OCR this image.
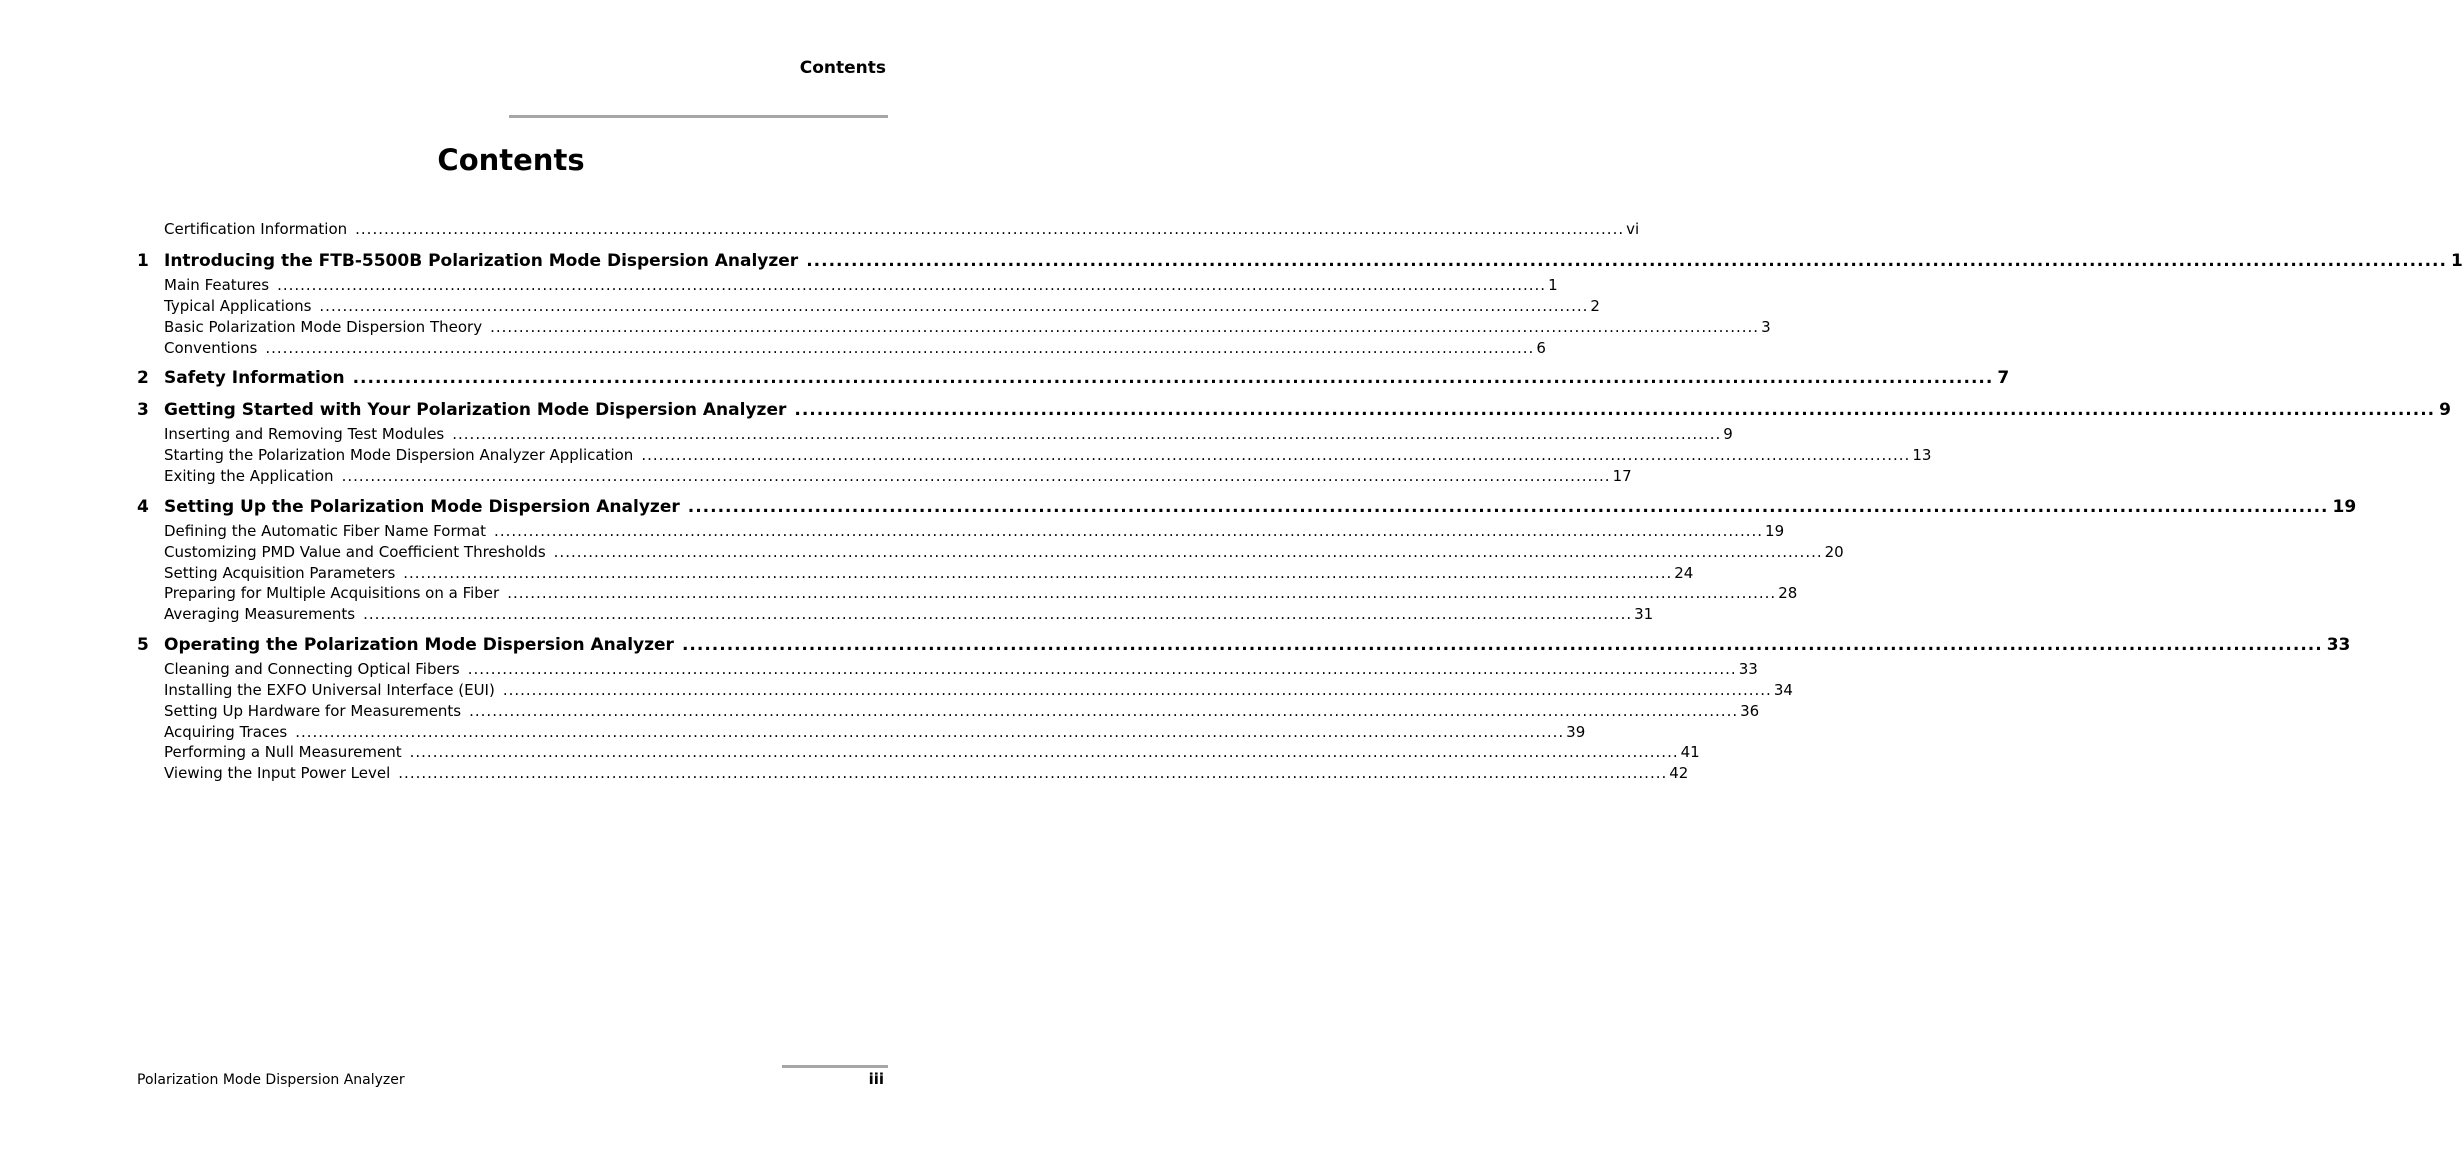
Contents
Contents
Certification Information ............................................................................................................................................................................................................................ vi
1 Introducing the FTB-5500B Polarization Mode Dispersion Analyzer ............................................................................................................................................................................................................................ 1
Main Features ............................................................................................................................................................................................................................ 1
Typical Applications ............................................................................................................................................................................................................................ 2
Basic Polarization Mode Dispersion Theory ............................................................................................................................................................................................................................ 3
Conventions ............................................................................................................................................................................................................................ 6
2 Safety Information ............................................................................................................................................................................................................................ 7
3 Getting Started with Your Polarization Mode Dispersion Analyzer ............................................................................................................................................................................................................................ 9
Inserting and Removing Test Modules ............................................................................................................................................................................................................................ 9
Starting the Polarization Mode Dispersion Analyzer Application ............................................................................................................................................................................................................................ 13
Exiting the Application ............................................................................................................................................................................................................................ 17
4 Setting Up the Polarization Mode Dispersion Analyzer ............................................................................................................................................................................................................................ 19
Defining the Automatic Fiber Name Format ............................................................................................................................................................................................................................ 19
Customizing PMD Value and Coefficient Thresholds ............................................................................................................................................................................................................................ 20
Setting Acquisition Parameters ............................................................................................................................................................................................................................ 24
Preparing for Multiple Acquisitions on a Fiber ............................................................................................................................................................................................................................ 28
Averaging Measurements ............................................................................................................................................................................................................................ 31
5 Operating the Polarization Mode Dispersion Analyzer ............................................................................................................................................................................................................................ 33
Cleaning and Connecting Optical Fibers ............................................................................................................................................................................................................................ 33
Installing the EXFO Universal Interface (EUI) ............................................................................................................................................................................................................................ 34
Setting Up Hardware for Measurements ............................................................................................................................................................................................................................ 36
Acquiring Traces ............................................................................................................................................................................................................................ 39
Performing a Null Measurement ............................................................................................................................................................................................................................ 41
Viewing the Input Power Level ............................................................................................................................................................................................................................ 42
Polarization Mode Dispersion Analyzer	iii
